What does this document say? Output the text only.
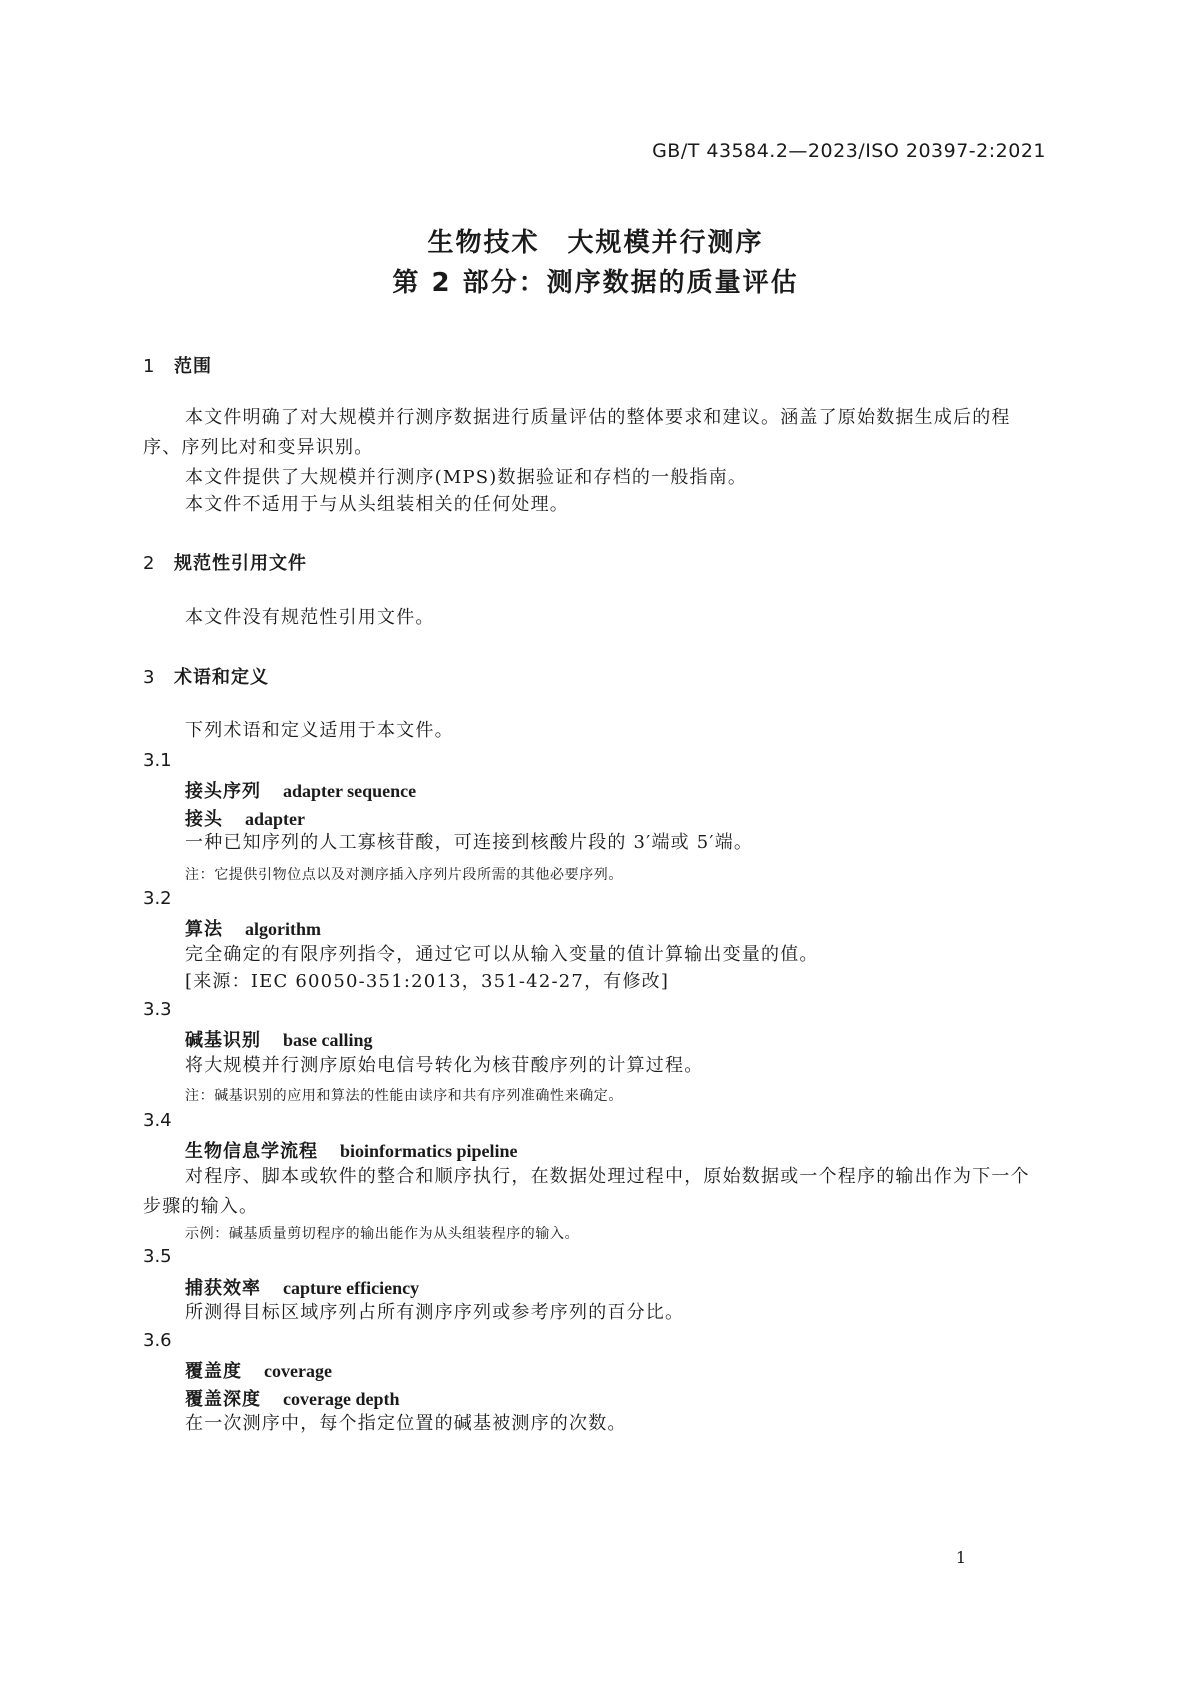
GB/T 43584.2—2023/ISO 20397-2:2021

生物技术　大规模并行测序
第 2 部分：测序数据的质量评估
1 范围

本文件明确了对大规模并行测序数据进行质量评估的整体要求和建议。涵盖了原始数据生成后的程序、序列比对和变异识别。

本文件提供了大规模并行测序(MPS)数据验证和存档的一般指南。

本文件不适用于与从头组装相关的任何处理。

2 规范性引用文件

本文件没有规范性引用文件。

3 术语和定义

下列术语和定义适用于本文件。

3.1

接头序列 adapter sequence

接头 adapter

一种已知序列的人工寡核苷酸，可连接到核酸片段的 3′端或 5′端。

注：它提供引物位点以及对测序插入序列片段所需的其他必要序列。

3.2

算法 algorithm

完全确定的有限序列指令，通过它可以从输入变量的值计算输出变量的值。

[来源：IEC 60050-351:2013，351-42-27，有修改]

3.3

碱基识别 base calling

将大规模并行测序原始电信号转化为核苷酸序列的计算过程。

注：碱基识别的应用和算法的性能由读序和共有序列准确性来确定。

3.4

生物信息学流程 bioinformatics pipeline

对程序、脚本或软件的整合和顺序执行，在数据处理过程中，原始数据或一个程序的输出作为下一个步骤的输入。

示例：碱基质量剪切程序的输出能作为从头组装程序的输入。

3.5

捕获效率 capture efficiency

所测得目标区域序列占所有测序序列或参考序列的百分比。

3.6

覆盖度 coverage

覆盖深度 coverage depth

在一次测序中，每个指定位置的碱基被测序的次数。

1
